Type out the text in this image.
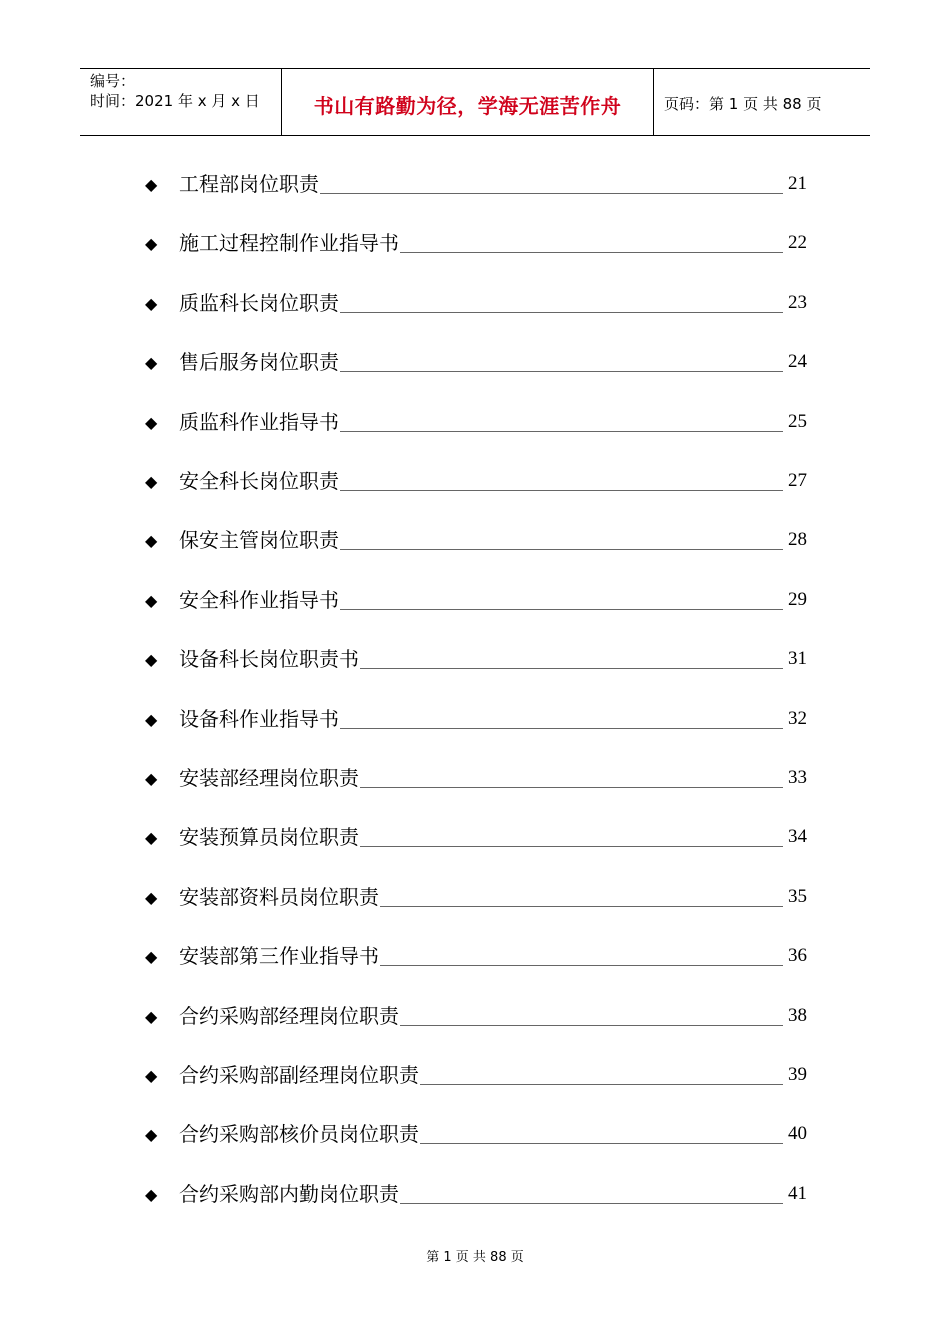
编号：
时间：2021 年 x 月 x 日	书山有路勤为径，学海无涯苦作舟	页码：第 1 页 共 88 页
◆ 工程部岗位职责	21
◆ 施工过程控制作业指导书	22
◆ 质监科长岗位职责	23
◆ 售后服务岗位职责	24
◆ 质监科作业指导书	25
◆ 安全科长岗位职责	27
◆ 保安主管岗位职责	28
◆ 安全科作业指导书	29
◆ 设备科长岗位职责书	31
◆ 设备科作业指导书	32
◆ 安装部经理岗位职责	33
◆ 安装预算员岗位职责	34
◆ 安装部资料员岗位职责	35
◆ 安装部第三作业指导书	36
◆ 合约采购部经理岗位职责	38
◆ 合约采购部副经理岗位职责	39
◆ 合约采购部核价员岗位职责	40
◆ 合约采购部内勤岗位职责	41
第 1 页 共 88 页
